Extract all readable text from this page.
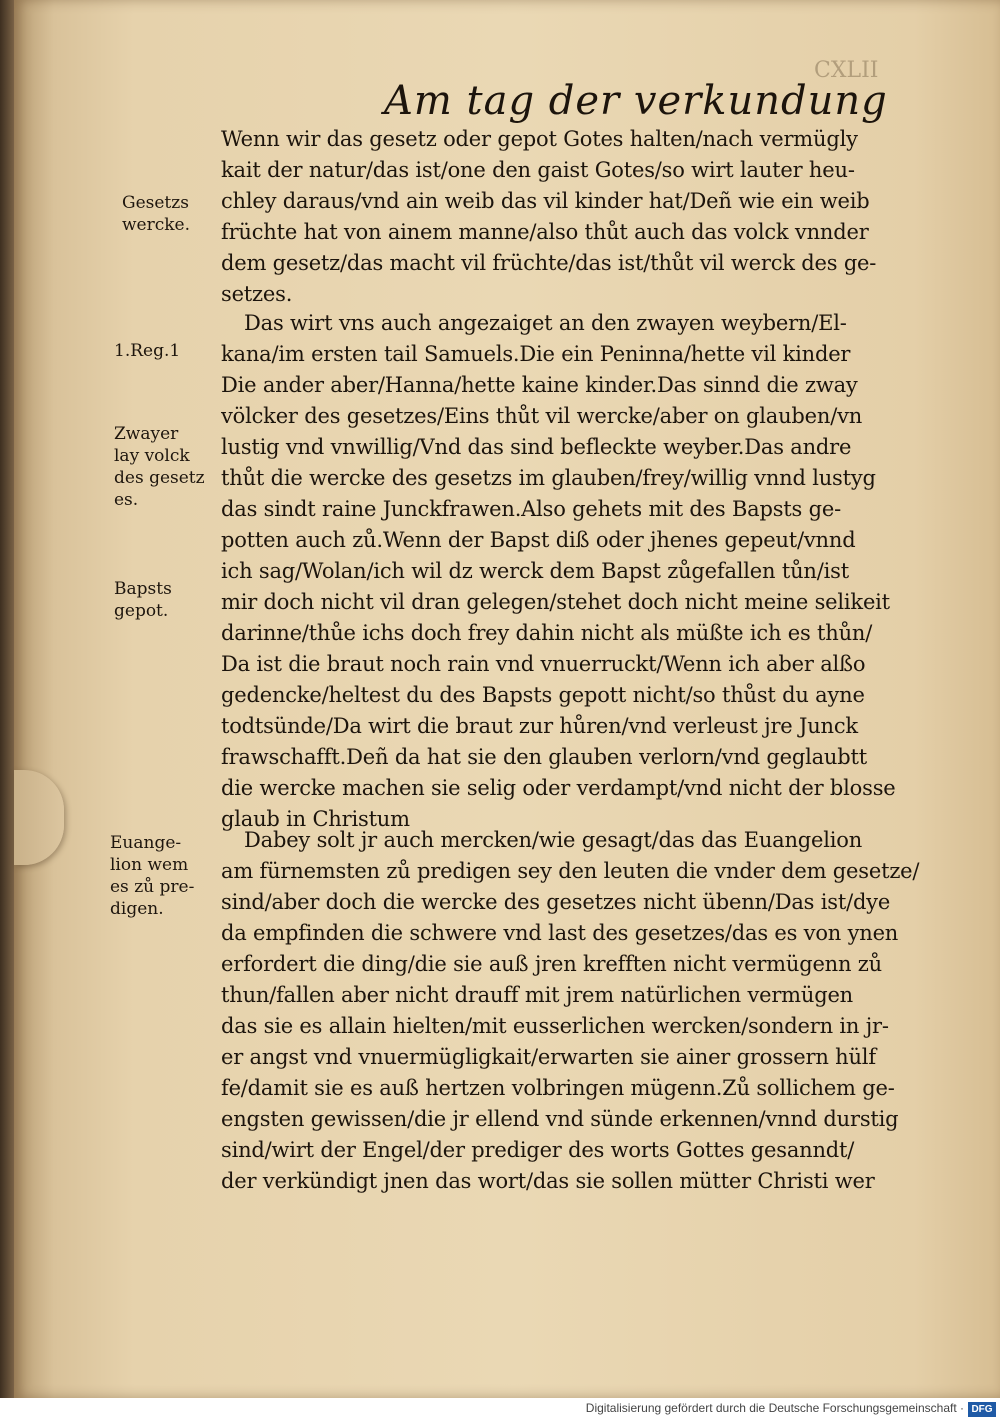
CXLII
Am tag der verkundung
Gesetzs
wercke.
1.Reg.1
Zwayer
lay volck
des gesetz
es.
Bapsts
gepot.
Euange-
lion wem
es zů pre-
digen.
Wenn wir das gesetz oder gepot Gotes halten/nach vermügly
kait der natur/das ist/one den gaist Gotes/so wirt lauter heu-
chley daraus/vnd ain weib das vil kinder hat/Deñ wie ein weib
früchte hat von ainem manne/also thůt auch das volck vnnder
dem gesetz/das macht vil früchte/das ist/thůt vil werck des ge-
setzes.
Das wirt vns auch angezaiget an den zwayen weybern/El-
kana/im ersten tail Samuels.Die ein Peninna/hette vil kinder
Die ander aber/Hanna/hette kaine kinder.Das sinnd die zway
völcker des gesetzes/Eins thůt vil wercke/aber on glauben/vn
lustig vnd vnwillig/Vnd das sind befleckte weyber.Das andre
thůt die wercke des gesetzs im glauben/frey/willig vnnd lustyg
das sindt raine Junckfrawen.Also gehets mit des Bapsts ge-
potten auch zů.Wenn der Bapst diß oder jhenes gepeut/vnnd
ich sag/Wolan/ich wil dz werck dem Bapst zůgefallen tůn/ist
mir doch nicht vil dran gelegen/stehet doch nicht meine selikeit
darinne/thůe ichs doch frey dahin nicht als müßte ich es thůn/
Da ist die braut noch rain vnd vnuerruckt/Wenn ich aber alßo
gedencke/heltest du des Bapsts gepott nicht/so thůst du ayne
todtsünde/Da wirt die braut zur hůren/vnd verleust jre Junck
frawschafft.Deñ da hat sie den glauben verlorn/vnd geglaubtt
die wercke machen sie selig oder verdampt/vnd nicht der blosse
glaub in Christum
Dabey solt jr auch mercken/wie gesagt/das das Euangelion
am fürnemsten zů predigen sey den leuten die vnder dem gesetze/
sind/aber doch die wercke des gesetzes nicht übenn/Das ist/dye
da empfinden die schwere vnd last des gesetzes/das es von ynen
erfordert die ding/die sie auß jren krefften nicht vermügenn zů
thun/fallen aber nicht drauff mit jrem natürlichen vermügen
das sie es allain hielten/mit eusserlichen wercken/sondern in jr-
er angst vnd vnuermügligkait/erwarten sie ainer grossern hülf
fe/damit sie es auß hertzen volbringen mügenn.Zů sollichem ge-
engsten gewissen/die jr ellend vnd sünde erkennen/vnnd durstig
sind/wirt der Engel/der prediger des worts Gottes gesanndt/
der verkündigt jnen das wort/das sie sollen mütter Christi wer
Digitalisierung gefördert durch die Deutsche Forschungsgemeinschaft · DFG
